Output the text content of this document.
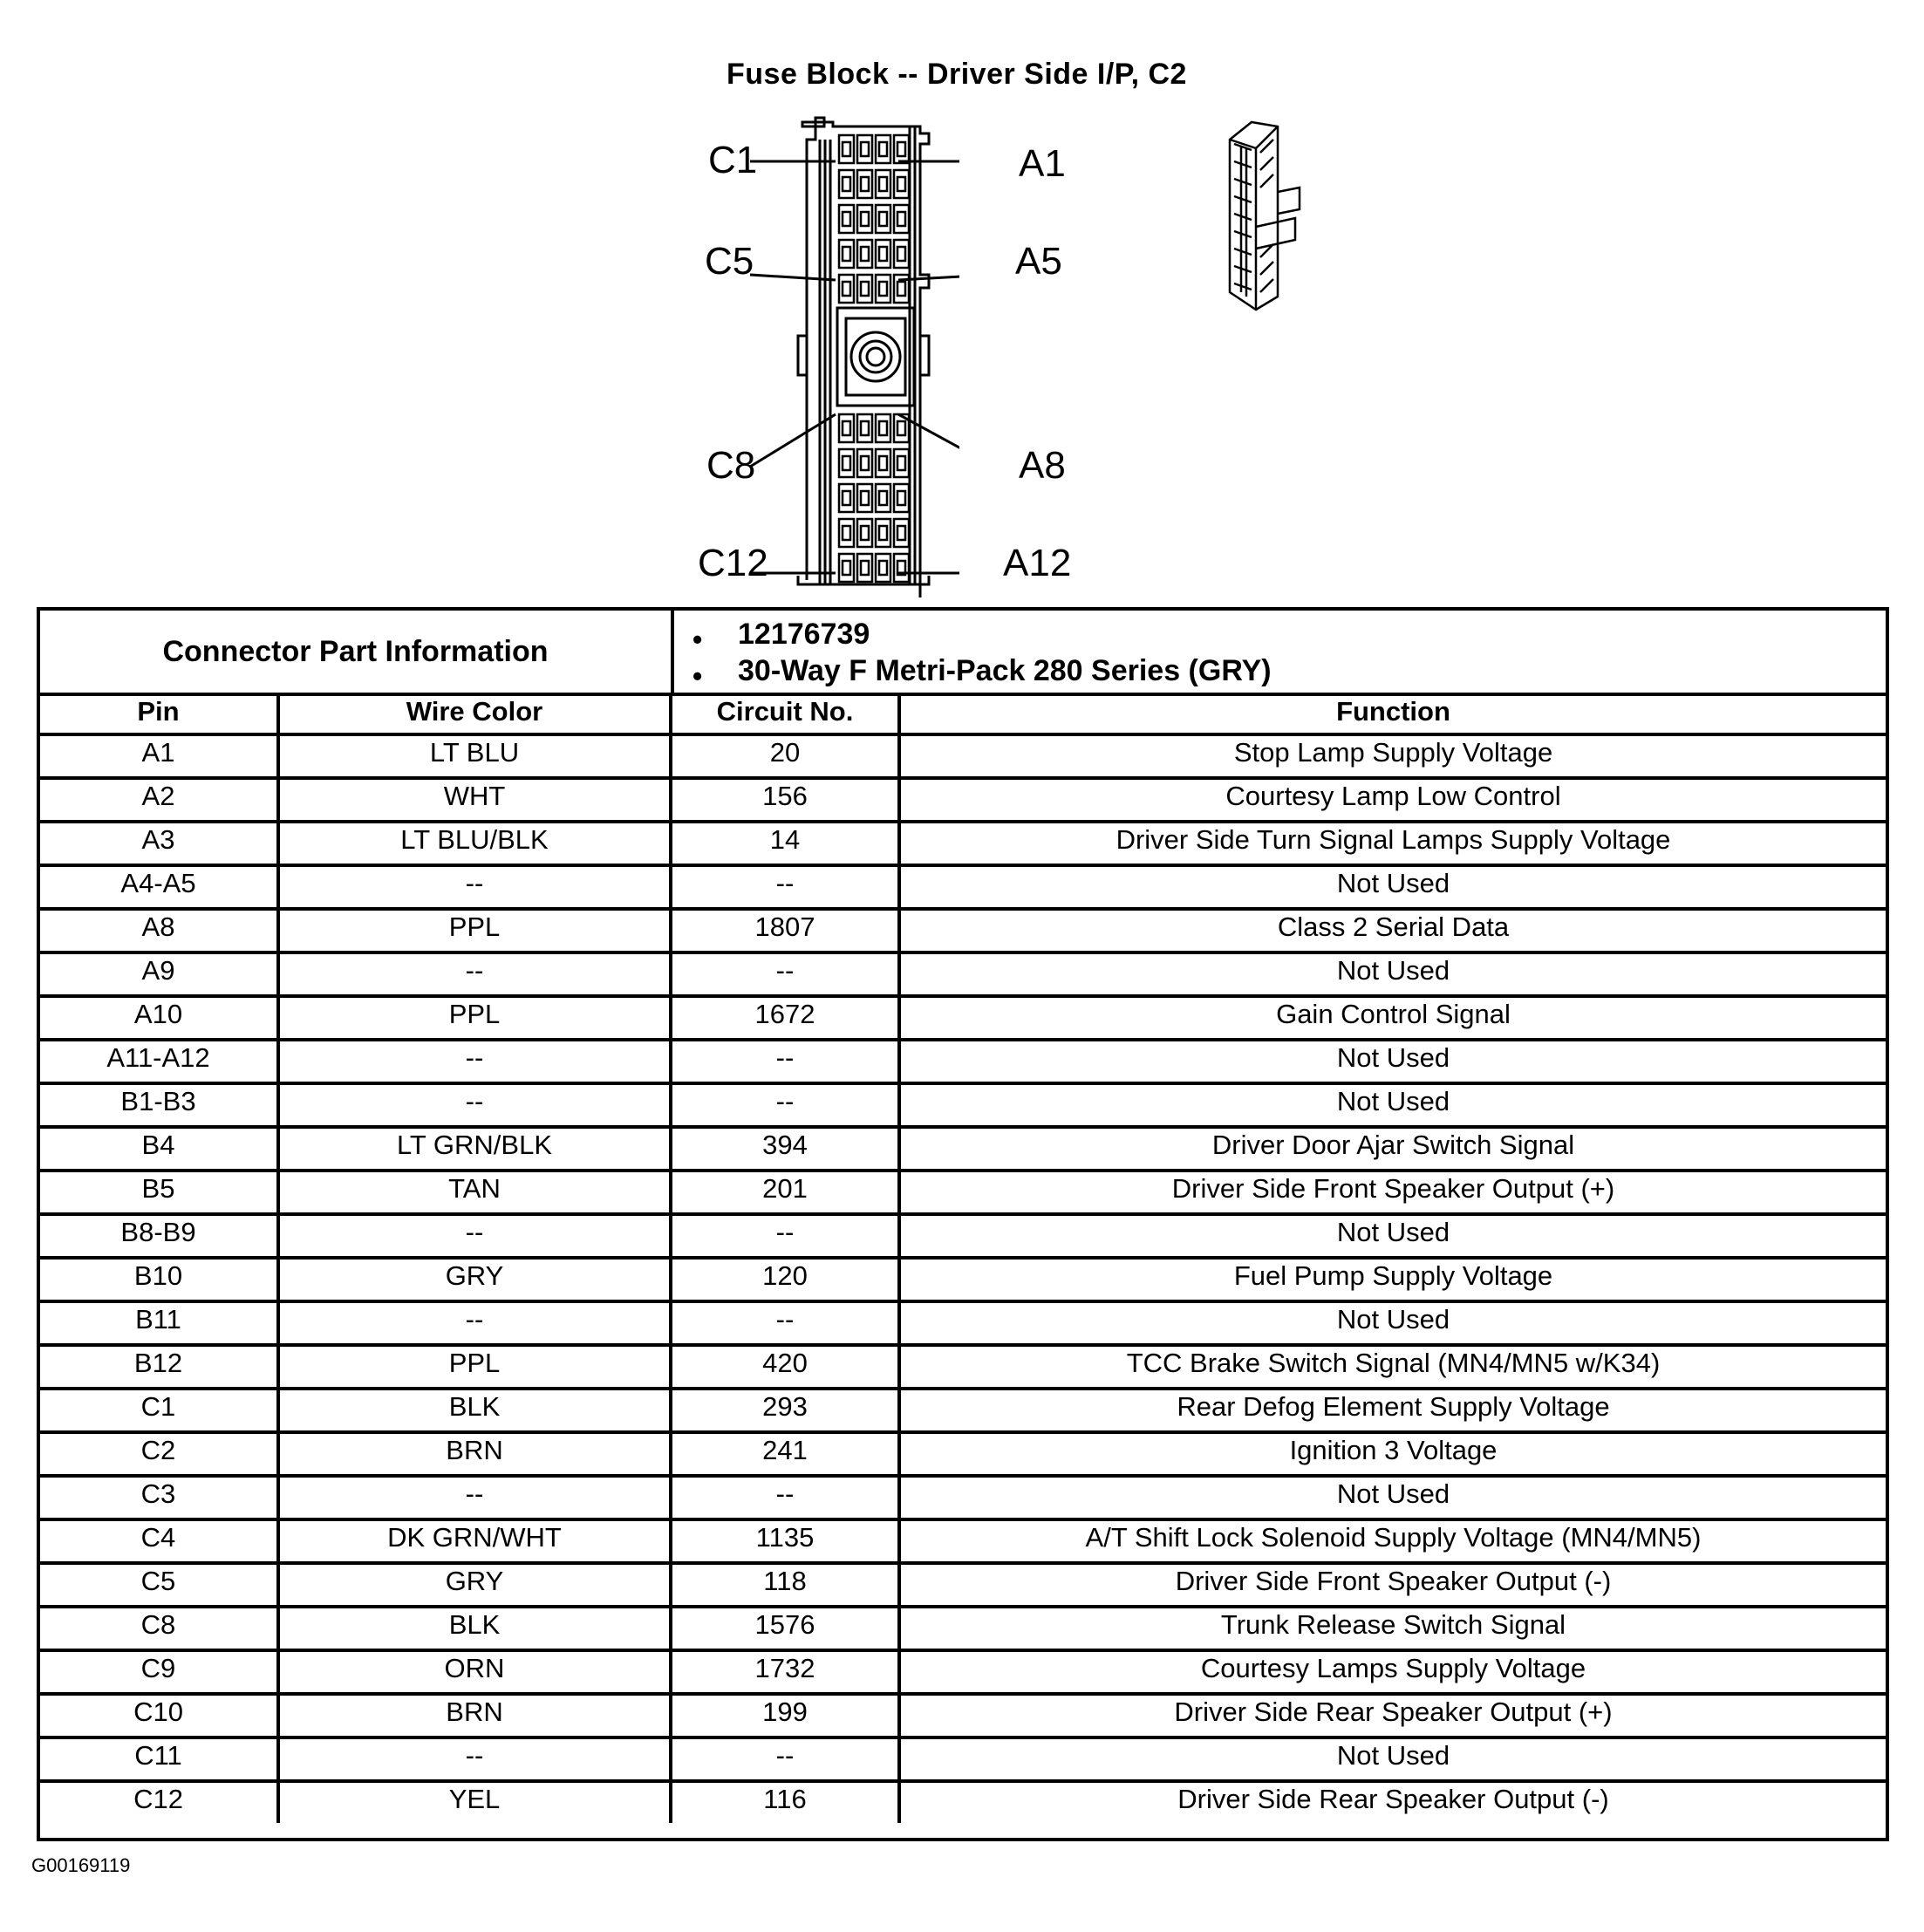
Fuse Block -- Driver Side I/P, C2
C1	A1
C5	A5
C8	A8
C12	A12
Connector Part Information
• 12176739
• 30-Way F Metri-Pack 280 Series (GRY)
Pin	Wire Color	Circuit No.	Function
A1	LT BLU	20	Stop Lamp Supply Voltage
A2	WHT	156	Courtesy Lamp Low Control
A3	LT BLU/BLK	14	Driver Side Turn Signal Lamps Supply Voltage
A4-A5	--	--	Not Used
A8	PPL	1807	Class 2 Serial Data
A9	--	--	Not Used
A10	PPL	1672	Gain Control Signal
A11-A12	--	--	Not Used
B1-B3	--	--	Not Used
B4	LT GRN/BLK	394	Driver Door Ajar Switch Signal
B5	TAN	201	Driver Side Front Speaker Output (+)
B8-B9	--	--	Not Used
B10	GRY	120	Fuel Pump Supply Voltage
B11	--	--	Not Used
B12	PPL	420	TCC Brake Switch Signal (MN4/MN5 w/K34)
C1	BLK	293	Rear Defog Element Supply Voltage
C2	BRN	241	Ignition 3 Voltage
C3	--	--	Not Used
C4	DK GRN/WHT	1135	A/T Shift Lock Solenoid Supply Voltage (MN4/MN5)
C5	GRY	118	Driver Side Front Speaker Output (-)
C8	BLK	1576	Trunk Release Switch Signal
C9	ORN	1732	Courtesy Lamps Supply Voltage
C10	BRN	199	Driver Side Rear Speaker Output (+)
C11	--	--	Not Used
C12	YEL	116	Driver Side Rear Speaker Output (-)
G00169119
